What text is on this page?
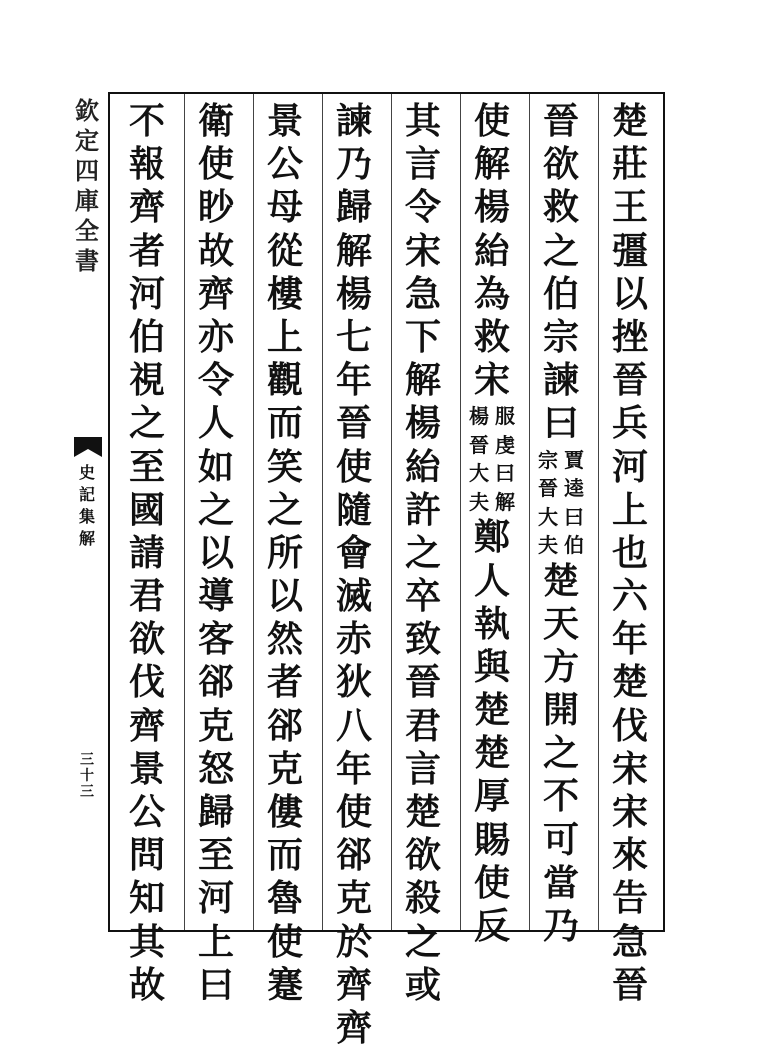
欽
定
四
庫
全
書
史
記
集
解
三
十
三
楚
莊
王
彊
以
挫
晉
兵
河
上
也
六
年
楚
伐
宋
宋
來
告
急
晉
晉
欲
救
之
伯
宗
諫
曰
賈
逵
曰
伯
宗
晉
大
夫
楚
天
方
開
之
不
可
當
乃
使
解
楊
紿
為
救
宋
服
虔
曰
解
楊
晉
大
夫
鄭
人
執
與
楚
楚
厚
賜
使
反
其
言
令
宋
急
下
解
楊
紿
許
之
卒
致
晉
君
言
楚
欲
殺
之
或
諫
乃
歸
解
楊
七
年
晉
使
隨
會
滅
赤
狄
八
年
使
郤
克
於
齊
齊
景
公
母
從
樓
上
觀
而
笑
之
所
以
然
者
郤
克
僂
而
魯
使
蹇
衛
使
眇
故
齊
亦
令
人
如
之
以
導
客
郤
克
怒
歸
至
河
上
曰
不
報
齊
者
河
伯
視
之
至
國
請
君
欲
伐
齊
景
公
問
知
其
故
